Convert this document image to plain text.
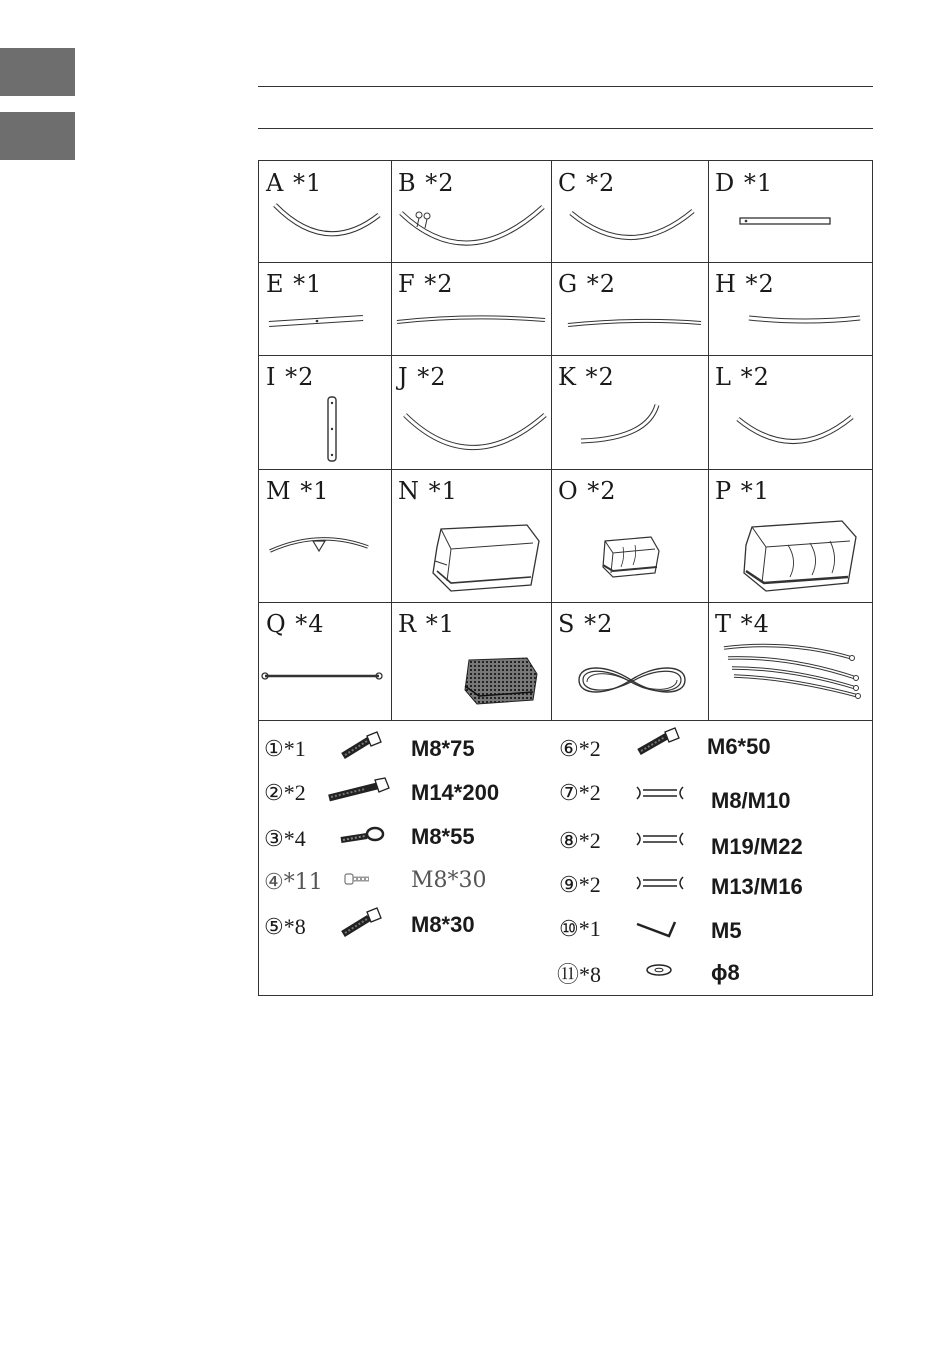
A *1	B *2	C *2	D *1
E *1	F *2	G *2	H *2
I *2	J *2	K *2	L *2
M *1	N *1	O *2	P *1
Q *4	R *1	S *2	T *4
①*1	M8*75
②*2	M14*200
③*4	M8*55
④*11	M8*30
⑤*8	M8*30
⑥*2	M6*50
⑦*2	M8/M10
⑧*2	M19/M22
⑨*2	M13/M16
⑩*1	M5
⑪*8	ϕ8
